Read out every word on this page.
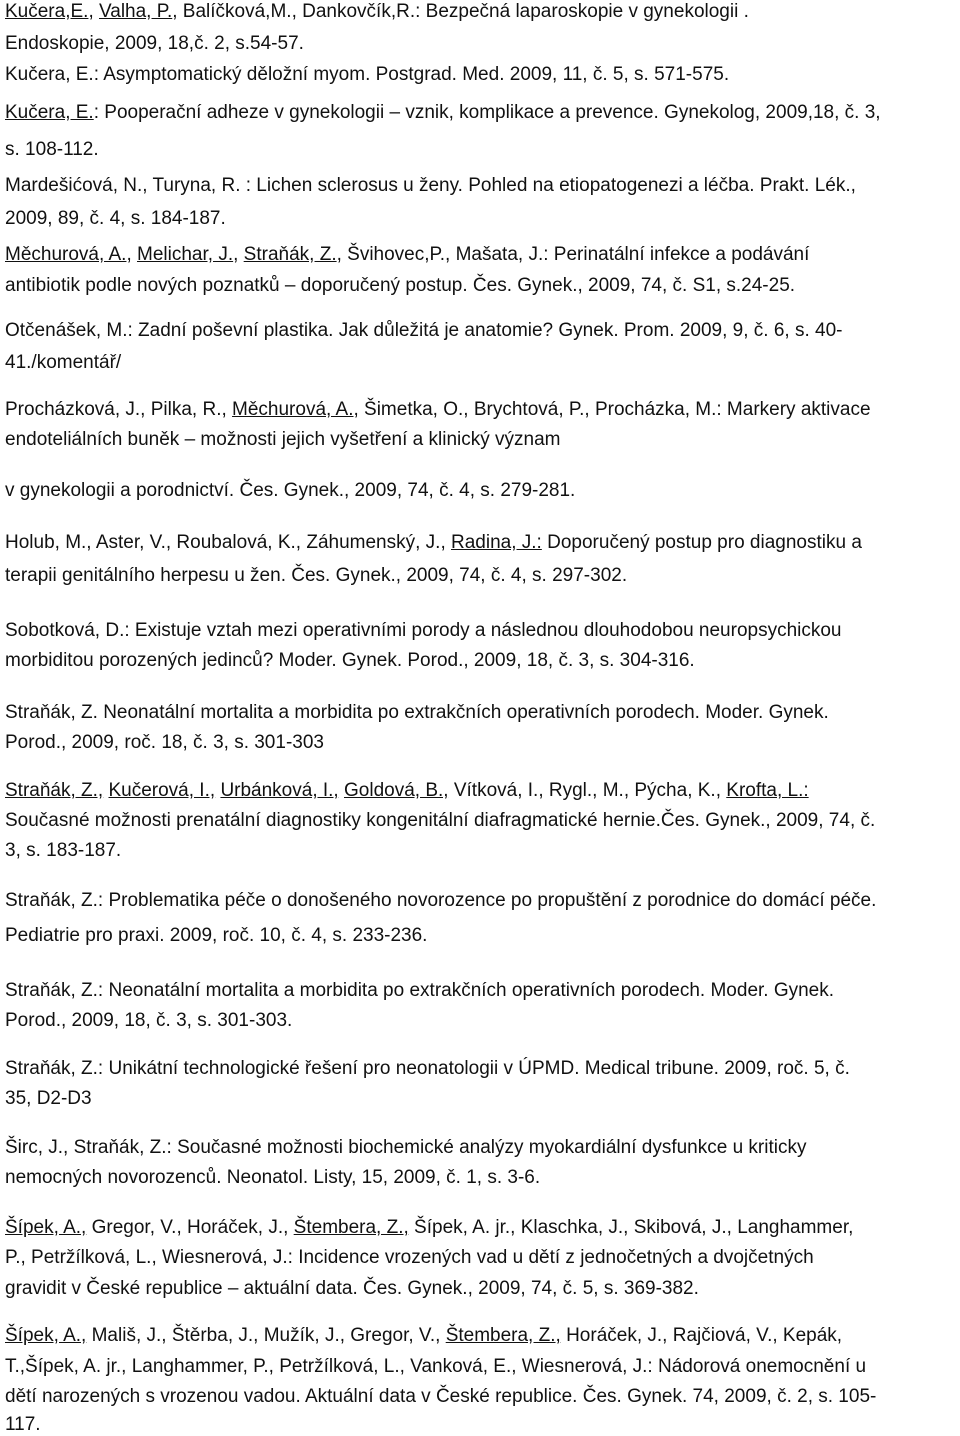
Kučera,E., Valha, P., Balíčková,M., Dankovčík,R.: Bezpečná laparoskopie v gynekologii .
Endoskopie, 2009, 18,č. 2, s.54-57.
Kučera, E.: Asymptomatický děložní myom. Postgrad. Med. 2009, 11, č. 5, s. 571-575.
Kučera, E.: Pooperační adheze v gynekologii – vznik, komplikace a prevence. Gynekolog, 2009,18, č. 3,
s. 108-112.
Mardešićová, N., Turyna, R. : Lichen sclerosus u ženy. Pohled na etiopatogenezi a léčba. Prakt. Lék.,
2009, 89, č. 4, s. 184-187.
Měchurová, A., Melichar, J., Straňák, Z., Švihovec,P., Mašata, J.: Perinatální infekce a podávání
antibiotik podle nových poznatků – doporučený postup. Čes. Gynek., 2009, 74, č. S1, s.24-25.
Otčenášek, M.: Zadní poševní plastika. Jak důležitá je anatomie? Gynek. Prom. 2009, 9, č. 6, s. 40-
41./komentář/
Procházková, J., Pilka, R., Měchurová, A., Šimetka, O., Brychtová, P., Procházka, M.: Markery aktivace
endoteliálních buněk – možnosti jejich vyšetření a klinický význam
v gynekologii a porodnictví. Čes. Gynek., 2009, 74, č. 4, s. 279-281.
Holub, M., Aster, V., Roubalová, K., Záhumenský, J., Radina, J.: Doporučený postup pro diagnostiku a
terapii genitálního herpesu u žen. Čes. Gynek., 2009, 74, č. 4, s. 297-302.
Sobotková, D.: Existuje vztah mezi operativními porody a následnou dlouhodobou neuropsychickou
morbiditou porozených jedinců? Moder. Gynek. Porod., 2009, 18, č. 3, s. 304-316.
Straňák, Z. Neonatální mortalita a morbidita po extrakčních operativních porodech. Moder. Gynek.
Porod., 2009, roč. 18, č. 3, s. 301-303
Straňák, Z., Kučerová, I., Urbánková, I., Goldová, B., Vítková, I., Rygl., M., Pýcha, K., Krofta, L.:
Současné možnosti prenatální diagnostiky kongenitální diafragmatické hernie.Čes. Gynek., 2009, 74, č.
3, s. 183-187.
Straňák, Z.: Problematika péče o donošeného novorozence po propuštění z porodnice do domácí péče.
Pediatrie pro praxi. 2009, roč. 10, č. 4, s. 233-236.
Straňák, Z.: Neonatální mortalita a morbidita po extrakčních operativních porodech. Moder. Gynek.
Porod., 2009, 18, č. 3, s. 301-303.
Straňák, Z.: Unikátní technologické řešení pro neonatologii v ÚPMD. Medical tribune. 2009, roč. 5, č.
35, D2-D3
Širc, J., Straňák, Z.: Současné možnosti biochemické analýzy myokardiální dysfunkce u kriticky
nemocných novorozenců. Neonatol. Listy, 15, 2009, č. 1, s. 3-6.
Šípek, A., Gregor, V., Horáček, J., Štembera, Z., Šípek, A. jr., Klaschka, J., Skibová, J., Langhammer,
P., Petržílková, L., Wiesnerová, J.: Incidence vrozených vad u dětí z jednočetných a dvojčetných
gravidit v České republice – aktuální data. Čes. Gynek., 2009, 74, č. 5, s. 369-382.
Šípek, A., Mališ, J., Štěrba, J., Mužík, J., Gregor, V., Štembera, Z., Horáček, J., Rajčiová, V., Kepák,
T.,Šípek, A. jr., Langhammer, P., Petržílková, L., Vanková, E., Wiesnerová, J.: Nádorová onemocnění u
dětí narozených s vrozenou vadou. Aktuální data v České republice. Čes. Gynek. 74, 2009, č. 2, s. 105-
117.
